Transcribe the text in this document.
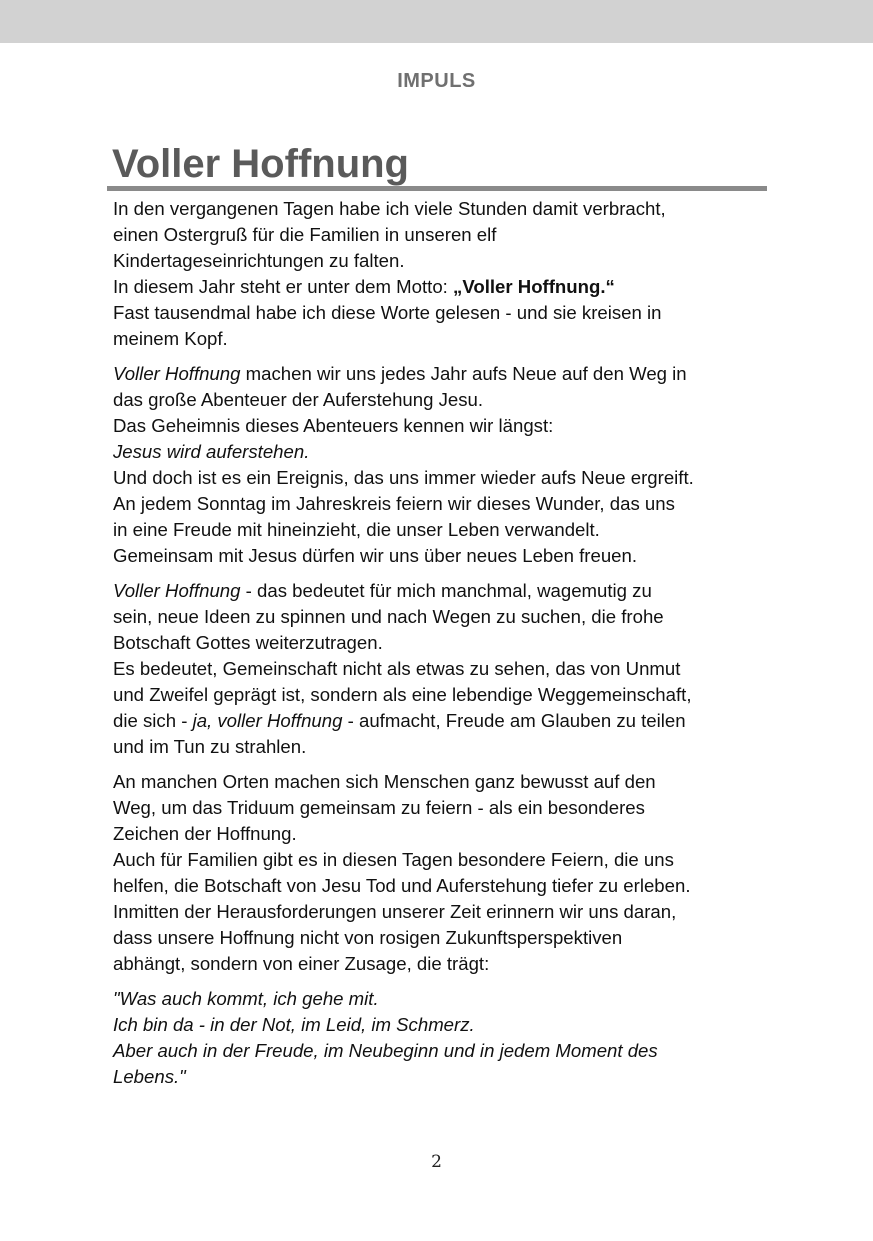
IMPULS
Voller Hoffnung

In den vergangenen Tagen habe ich viele Stunden damit verbracht,
einen Ostergruß für die Familien in unseren elf
Kindertageseinrichtungen zu falten.
In diesem Jahr steht er unter dem Motto: „Voller Hoffnung.“
Fast tausendmal habe ich diese Worte gelesen - und sie kreisen in
meinem Kopf.

Voller Hoffnung machen wir uns jedes Jahr aufs Neue auf den Weg in
das große Abenteuer der Auferstehung Jesu.
Das Geheimnis dieses Abenteuers kennen wir längst:
Jesus wird auferstehen.
Und doch ist es ein Ereignis, das uns immer wieder aufs Neue ergreift.
An jedem Sonntag im Jahreskreis feiern wir dieses Wunder, das uns
in eine Freude mit hineinzieht, die unser Leben verwandelt.
Gemeinsam mit Jesus dürfen wir uns über neues Leben freuen.

Voller Hoffnung - das bedeutet für mich manchmal, wagemutig zu
sein, neue Ideen zu spinnen und nach Wegen zu suchen, die frohe
Botschaft Gottes weiterzutragen.
Es bedeutet, Gemeinschaft nicht als etwas zu sehen, das von Unmut
und Zweifel geprägt ist, sondern als eine lebendige Weggemeinschaft,
die sich - ja, voller Hoffnung - aufmacht, Freude am Glauben zu teilen
und im Tun zu strahlen.

An manchen Orten machen sich Menschen ganz bewusst auf den
Weg, um das Triduum gemeinsam zu feiern - als ein besonderes
Zeichen der Hoffnung.
Auch für Familien gibt es in diesen Tagen besondere Feiern, die uns
helfen, die Botschaft von Jesu Tod und Auferstehung tiefer zu erleben.
Inmitten der Herausforderungen unserer Zeit erinnern wir uns daran,
dass unsere Hoffnung nicht von rosigen Zukunftsperspektiven
abhängt, sondern von einer Zusage, die trägt:

"Was auch kommt, ich gehe mit.
Ich bin da - in der Not, im Leid, im Schmerz.
Aber auch in der Freude, im Neubeginn und in jedem Moment des
Lebens."

2
